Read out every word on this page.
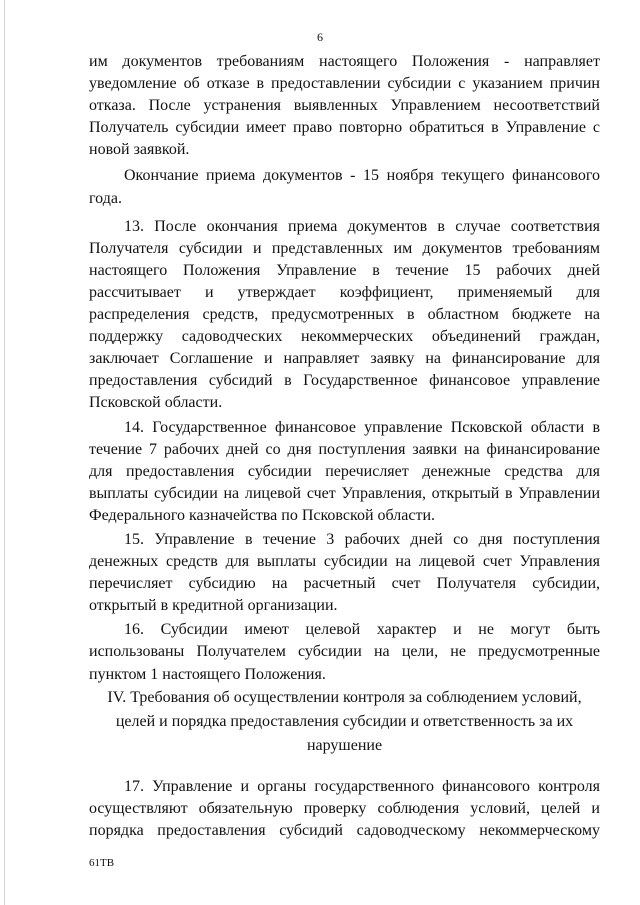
6

им документов требованиям настоящего Положения - направляет
уведомление об отказе в предоставлении субсидии с указанием причин
отказа. После устранения выявленных Управлением несоответствий
Получатель субсидии имеет право повторно обратиться в Управление с
новой заявкой.

Окончание приема документов - 15 ноября текущего финансового
года.

13. После окончания приема документов в случае соответствия
Получателя субсидии и представленных им документов требованиям
настоящего Положения Управление в течение 15 рабочих дней
рассчитывает и утверждает коэффициент, применяемый для
распределения средств, предусмотренных в областном бюджете на
поддержку садоводческих некоммерческих объединений граждан,
заключает Соглашение и направляет заявку на финансирование для
предоставления субсидий в Государственное финансовое управление
Псковской области.

14. Государственное финансовое управление Псковской области в
течение 7 рабочих дней со дня поступления заявки на финансирование
для предоставления субсидии перечисляет денежные средства для
выплаты субсидии на лицевой счет Управления, открытый в Управлении
Федерального казначейства по Псковской области.

15. Управление в течение 3 рабочих дней со дня поступления
денежных средств для выплаты субсидии на лицевой счет Управления
перечисляет субсидию на расчетный счет Получателя субсидии,
открытый в кредитной организации.

16. Субсидии имеют целевой характер и не могут быть
использованы Получателем субсидии на цели, не предусмотренные
пунктом 1 настоящего Положения.

IV. Требования об осуществлении контроля за соблюдением условий,
целей и порядка предоставления субсидии и ответственность за их
нарушение

17. Управление и органы государственного финансового контроля
осуществляют обязательную проверку соблюдения условий, целей и
порядка предоставления субсидий садоводческому некоммерческому

61ТВ
